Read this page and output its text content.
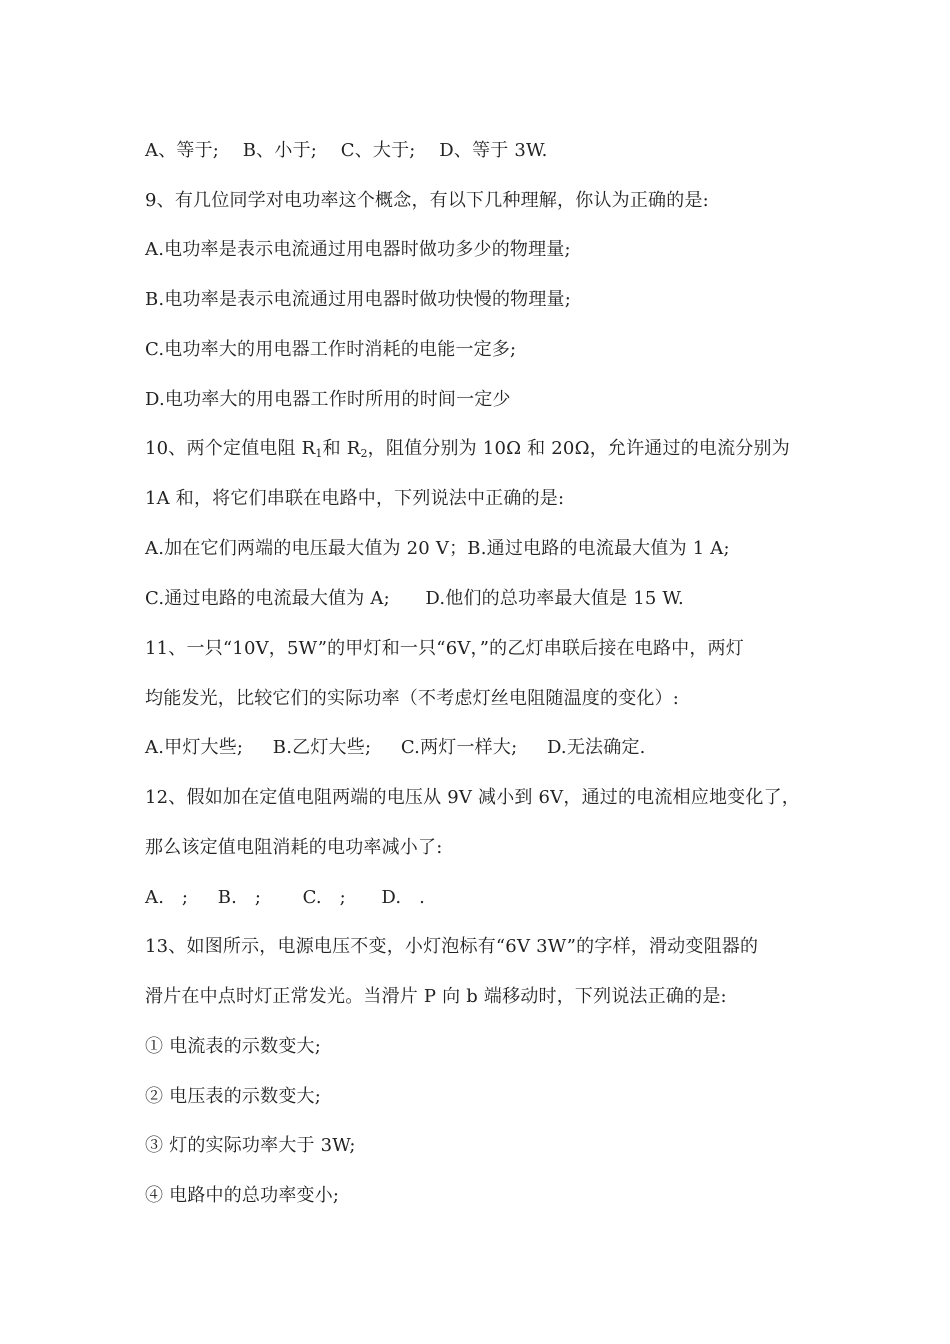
A、等于;    B、小于;    C、大于;    D、等于 3W.
9、有几位同学对电功率这个概念，有以下几种理解，你认为正确的是:
A.电功率是表示电流通过用电器时做功多少的物理量;
B.电功率是表示电流通过用电器时做功快慢的物理量;
C.电功率大的用电器工作时消耗的电能一定多;
D.电功率大的用电器工作时所用的时间一定少
10、两个定值电阻 $R_1$和 $R_2$，阻值分别为 10Ω 和 20Ω，允许通过的电流分别为
1A 和，将它们串联在电路中，下列说法中正确的是:
A.加在它们两端的电压最大值为 20 V；B.通过电路的电流最大值为 1 A;
C.通过电路的电流最大值为 A;      D.他们的总功率最大值是 15 W.
11、一只“10V，5W”的甲灯和一只“6V，”的乙灯串联后接在电路中，两灯
均能发光，比较它们的实际功率（不考虑灯丝电阻随温度的变化）:
A.甲灯大些;     B.乙灯大些;     C.两灯一样大;     D.无法确定.
12、假如加在定值电阻两端的电压从 9V 减小到 6V，通过的电流相应地变化了，
那么该定值电阻消耗的电功率减小了:
A.   ;     B.   ;       C.   ;      D.   .
13、如图所示，电源电压不变，小灯泡标有“6V 3W”的字样，滑动变阻器的
滑片在中点时灯正常发光。当滑片 P 向 b 端移动时，下列说法正确的是:
① 电流表的示数变大;
② 电压表的示数变大;
③ 灯的实际功率大于 3W;
④ 电路中的总功率变小;
